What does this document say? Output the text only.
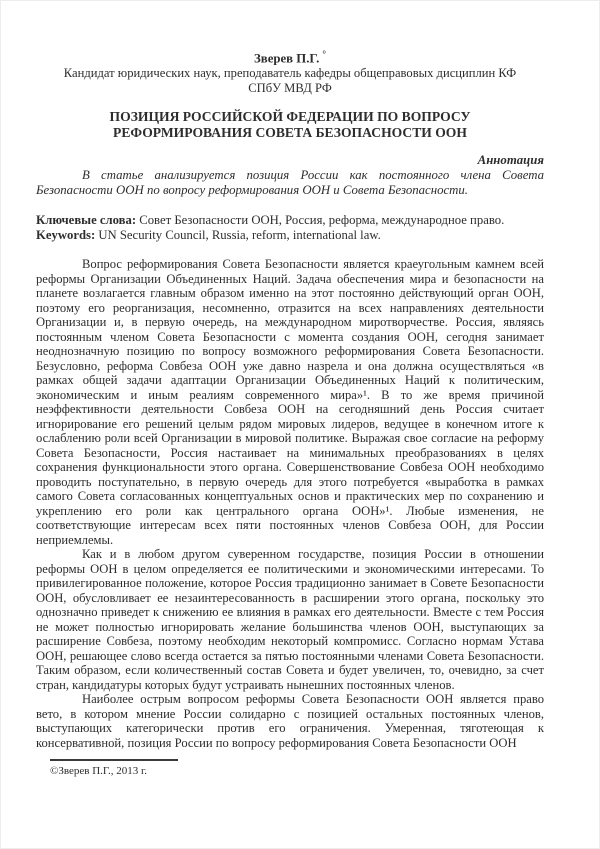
Зверев П.Г. °
Кандидат юридических наук, преподаватель кафедры общеправовых дисциплин КФ СПбУ МВД РФ
ПОЗИЦИЯ РОССИЙСКОЙ ФЕДЕРАЦИИ ПО ВОПРОСУ РЕФОРМИРОВАНИЯ СОВЕТА БЕЗОПАСНОСТИ ООН
Аннотация

В статье анализируется позиция России как постоянного члена Совета Безопасности ООН по вопросу реформирования ООН и Совета Безопасности.

Ключевые слова: Совет Безопасности ООН, Россия, реформа, международное право.

Keywords: UN Security Council, Russia, reform, international law.

Вопрос реформирования Совета Безопасности является краеугольным камнем всей реформы Организации Объединенных Наций. Задача обеспечения мира и безопасности на планете возлагается главным образом именно на этот постоянно действующий орган ООН, поэтому его реорганизация, несомненно, отразится на всех направлениях деятельности Организации и, в первую очередь, на международном миротворчестве. Россия, являясь постоянным членом Совета Безопасности с момента создания ООН, сегодня занимает неоднозначную позицию по вопросу возможного реформирования Совета Безопасности. Безусловно, реформа Совбеза ООН уже давно назрела и она должна осуществляться «в рамках общей задачи адаптации Организации Объединенных Наций к политическим, экономическим и иным реалиям современного мира»¹. В то же время причиной неэффективности деятельности Совбеза ООН на сегодняшний день Россия считает игнорирование его решений целым рядом мировых лидеров, ведущее в конечном итоге к ослаблению роли всей Организации в мировой политике. Выражая свое согласие на реформу Совета Безопасности, Россия настаивает на минимальных преобразованиях в целях сохранения функциональности этого органа. Совершенствование Совбеза ООН необходимо проводить поступательно, в первую очередь для этого потребуется «выработка в рамках самого Совета согласованных концептуальных основ и практических мер по сохранению и укреплению его роли как центрального органа ООН»¹. Любые изменения, не соответствующие интересам всех пяти постоянных членов Совбеза ООН, для России неприемлемы.

Как и в любом другом суверенном государстве, позиция России в отношении реформы ООН в целом определяется ее политическими и экономическими интересами. То привилегированное положение, которое Россия традиционно занимает в Совете Безопасности ООН, обусловливает ее незаинтересованность в расширении этого органа, поскольку это однозначно приведет к снижению ее влияния в рамках его деятельности. Вместе с тем Россия не может полностью игнорировать желание большинства членов ООН, выступающих за расширение Совбеза, поэтому необходим некоторый компромисс. Согласно нормам Устава ООН, решающее слово всегда остается за пятью постоянными членами Совета Безопасности. Таким образом, если количественный состав Совета и будет увеличен, то, очевидно, за счет стран, кандидатуры которых будут устраивать нынешних постоянных членов.

Наиболее острым вопросом реформы Совета Безопасности ООН является право вето, в котором мнение России солидарно с позицией остальных постоянных членов, выступающих категорически против его ограничения. Умеренная, тяготеющая к консервативной, позиция России по вопросу реформирования Совета Безопасности ООН

©Зверев П.Г., 2013 г.
